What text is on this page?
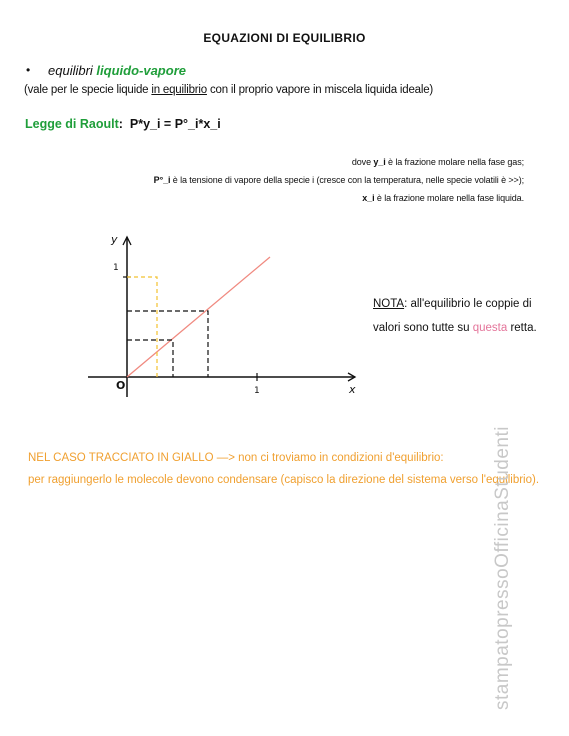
EQUAZIONI DI EQUILIBRIO
• equilibri liquido-vapore
(vale per le specie liquide in equilibrio con il proprio vapore in miscela liquida ideale)
Legge di Raoult: P*y_i = P°_i*x_i
dove y_i è la frazione molare nella fase gas;
P°_i è la tensione di vapore della specie i (cresce con la temperatura, nelle specie volatili è >>);
x_i è la frazione molare nella fase liquida.
y
x
O
1
1
NOTA: all'equilibrio le coppie di
valori sono tutte su questa retta.
NEL CASO TRACCIATO IN GIALLO —> non ci troviamo in condizioni d'equilibrio:
per raggiungerlo le molecole devono condensare (capisco la direzione del sistema verso l'equilibrio).
stampatopressoOfficinaStudenti
